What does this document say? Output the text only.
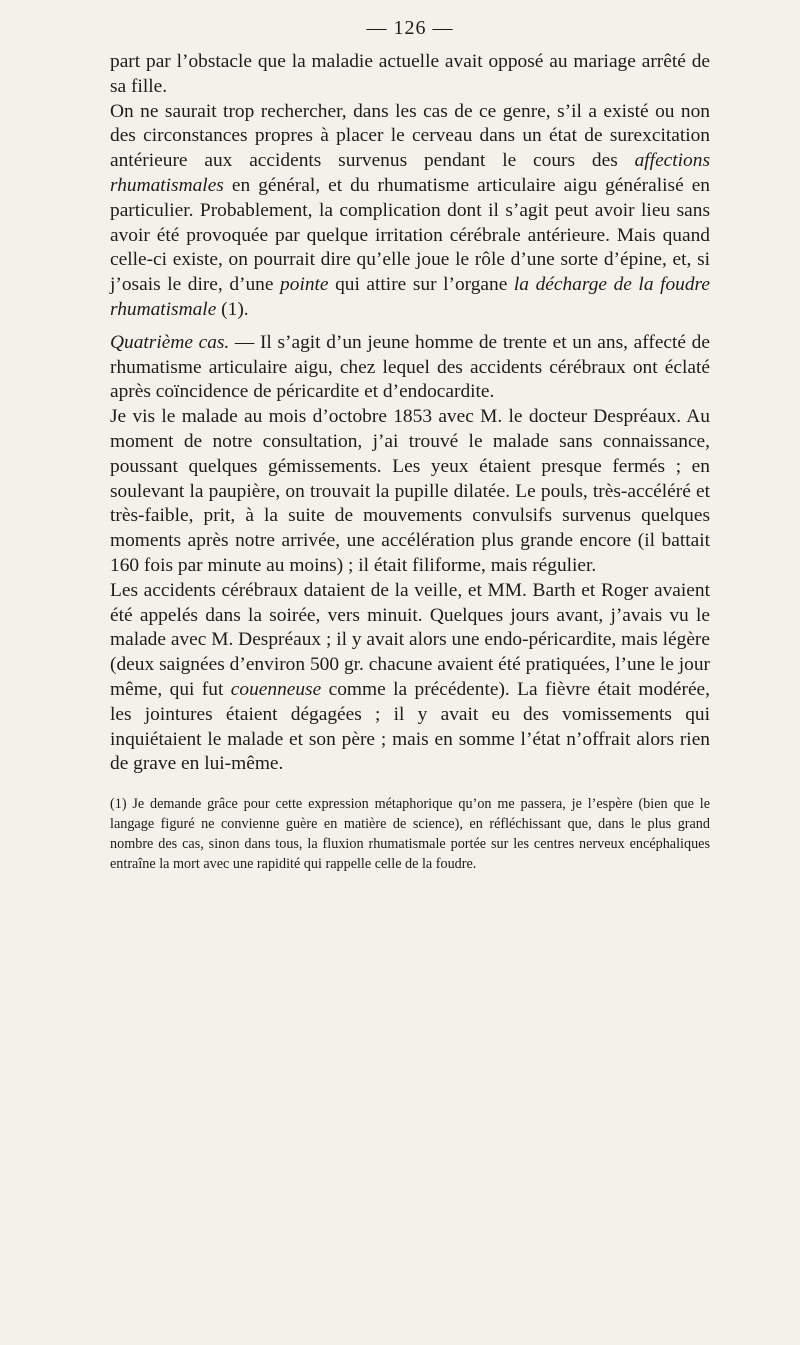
— 126 —

part par l’obstacle que la maladie actuelle avait opposé au mariage arrêté de sa fille.

On ne saurait trop rechercher, dans les cas de ce genre, s’il a existé ou non des circonstances propres à placer le cerveau dans un état de surexcitation antérieure aux accidents survenus pendant le cours des affections rhumatismales en général, et du rhumatisme articulaire aigu généralisé en particulier. Probablement, la complication dont il s’agit peut avoir lieu sans avoir été provoquée par quelque irritation cérébrale antérieure. Mais quand celle-ci existe, on pourrait dire qu’elle joue le rôle d’une sorte d’épine, et, si j’osais le dire, d’une pointe qui attire sur l’organe la décharge de la foudre rhumatismale (1).

Quatrième cas. — Il s’agit d’un jeune homme de trente et un ans, affecté de rhumatisme articulaire aigu, chez lequel des accidents cérébraux ont éclaté après coïncidence de péricardite et d’endocardite.

Je vis le malade au mois d’octobre 1853 avec M. le docteur Despréaux. Au moment de notre consultation, j’ai trouvé le malade sans connaissance, poussant quelques gémissements. Les yeux étaient presque fermés ; en soulevant la paupière, on trouvait la pupille dilatée. Le pouls, très-accéléré et très-faible, prit, à la suite de mouvements convulsifs survenus quelques moments après notre arrivée, une accélération plus grande encore (il battait 160 fois par minute au moins) ; il était filiforme, mais régulier.

Les accidents cérébraux dataient de la veille, et MM. Barth et Roger avaient été appelés dans la soirée, vers minuit. Quelques jours avant, j’avais vu le malade avec M. Despréaux ; il y avait alors une endo-péricardite, mais légère (deux saignées d’environ 500 gr. chacune avaient été pratiquées, l’une le jour même, qui fut couenneuse comme la précédente). La fièvre était modérée, les jointures étaient dégagées ; il y avait eu des vomissements qui inquiétaient le malade et son père ; mais en somme l’état n’offrait alors rien de grave en lui-même.

(1) Je demande grâce pour cette expression métaphorique qu’on me passera, je l’espère (bien que le langage figuré ne convienne guère en matière de science), en réfléchissant que, dans le plus grand nombre des cas, sinon dans tous, la fluxion rhumatismale portée sur les centres nerveux encéphaliques entraîne la mort avec une rapidité qui rappelle celle de la foudre.
